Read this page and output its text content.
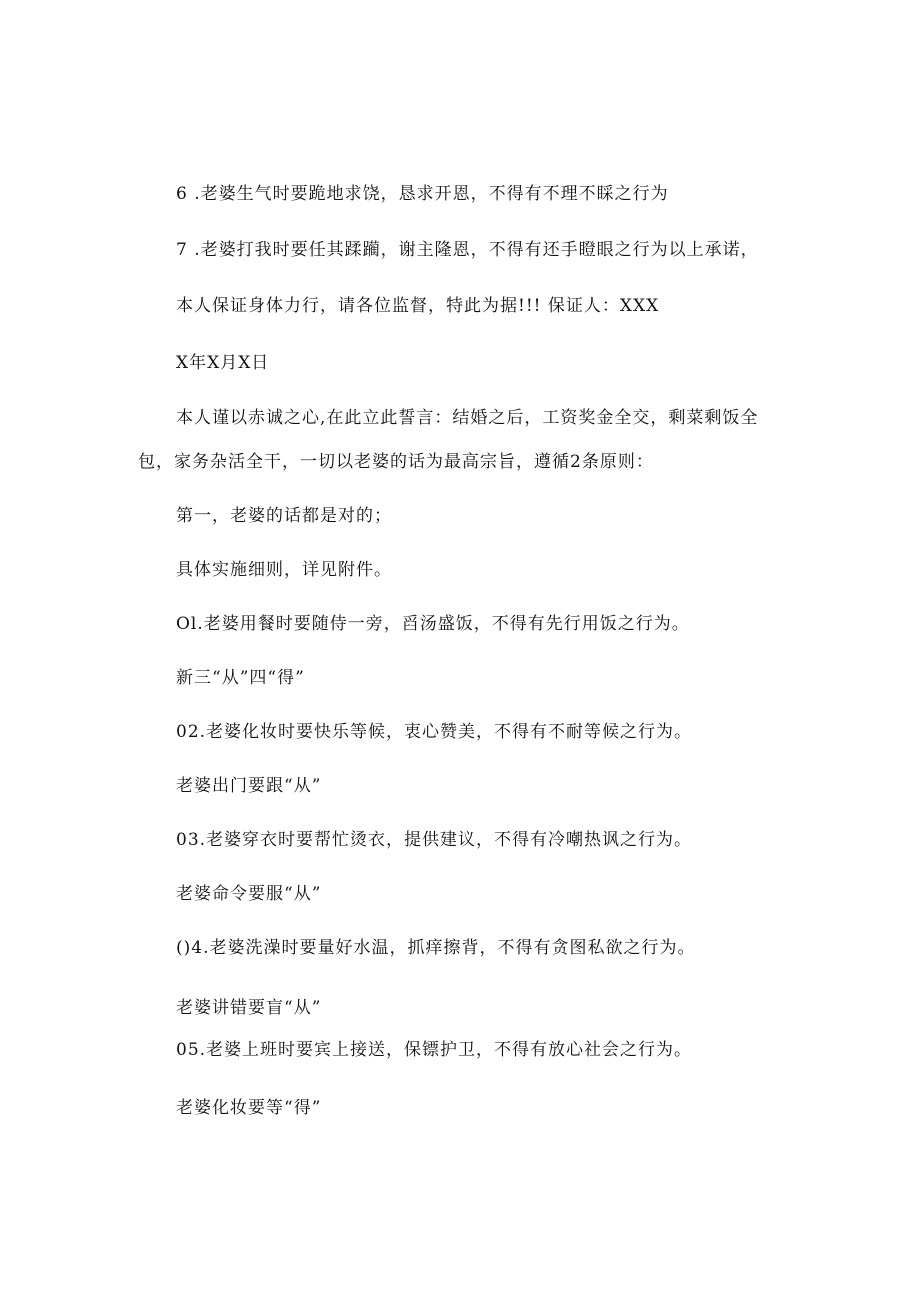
6 .老婆生气时要跪地求饶，恳求开恩，不得有不理不睬之行为
7 .老婆打我时要任其蹂躏，谢主隆恩，不得有还手瞪眼之行为以上承诺，
本人保证身体力行，请各位监督，特此为据!!! 保证人：XXX
X年X月X日
本人谨以赤诚之心,在此立此誓言：结婚之后，工资奖金全交，剩菜剩饭全
包，家务杂活全干，一切以老婆的话为最高宗旨，遵循2条原则：
第一，老婆的话都是对的；
具体实施细则，详见附件。
Ol.老婆用餐时要随侍一旁，舀汤盛饭，不得有先行用饭之行为。
新三“从”四“得”
02.老婆化妆时要快乐等候，衷心赞美，不得有不耐等候之行为。
老婆出门要跟“从”
03.老婆穿衣时要帮忙烫衣，提供建议，不得有冷嘲热讽之行为。
老婆命令要服“从”
()4.老婆洗澡时要量好水温，抓痒擦背，不得有贪图私欲之行为。
老婆讲错要盲“从”
05.老婆上班时要宾上接送，保镖护卫，不得有放心社会之行为。
老婆化妆要等“得”
